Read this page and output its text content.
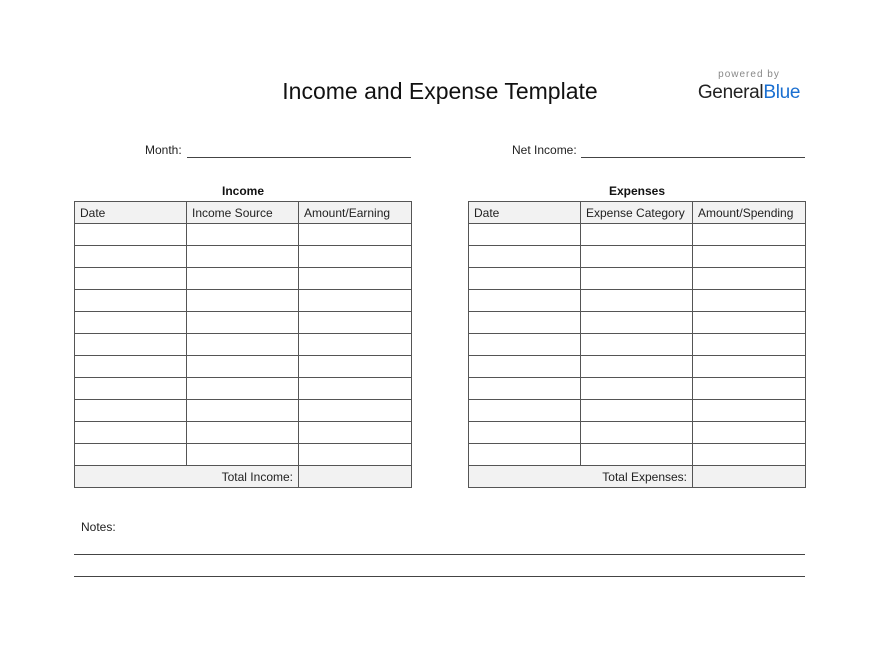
Income and Expense Template
powered by
GeneralBlue
Month:	Net Income:
Income	Expenses
Date	Income Source	Amount/Earning

Total Income:		
Date	Expense Category	Amount/Spending

Total Expenses:		
Notes:
